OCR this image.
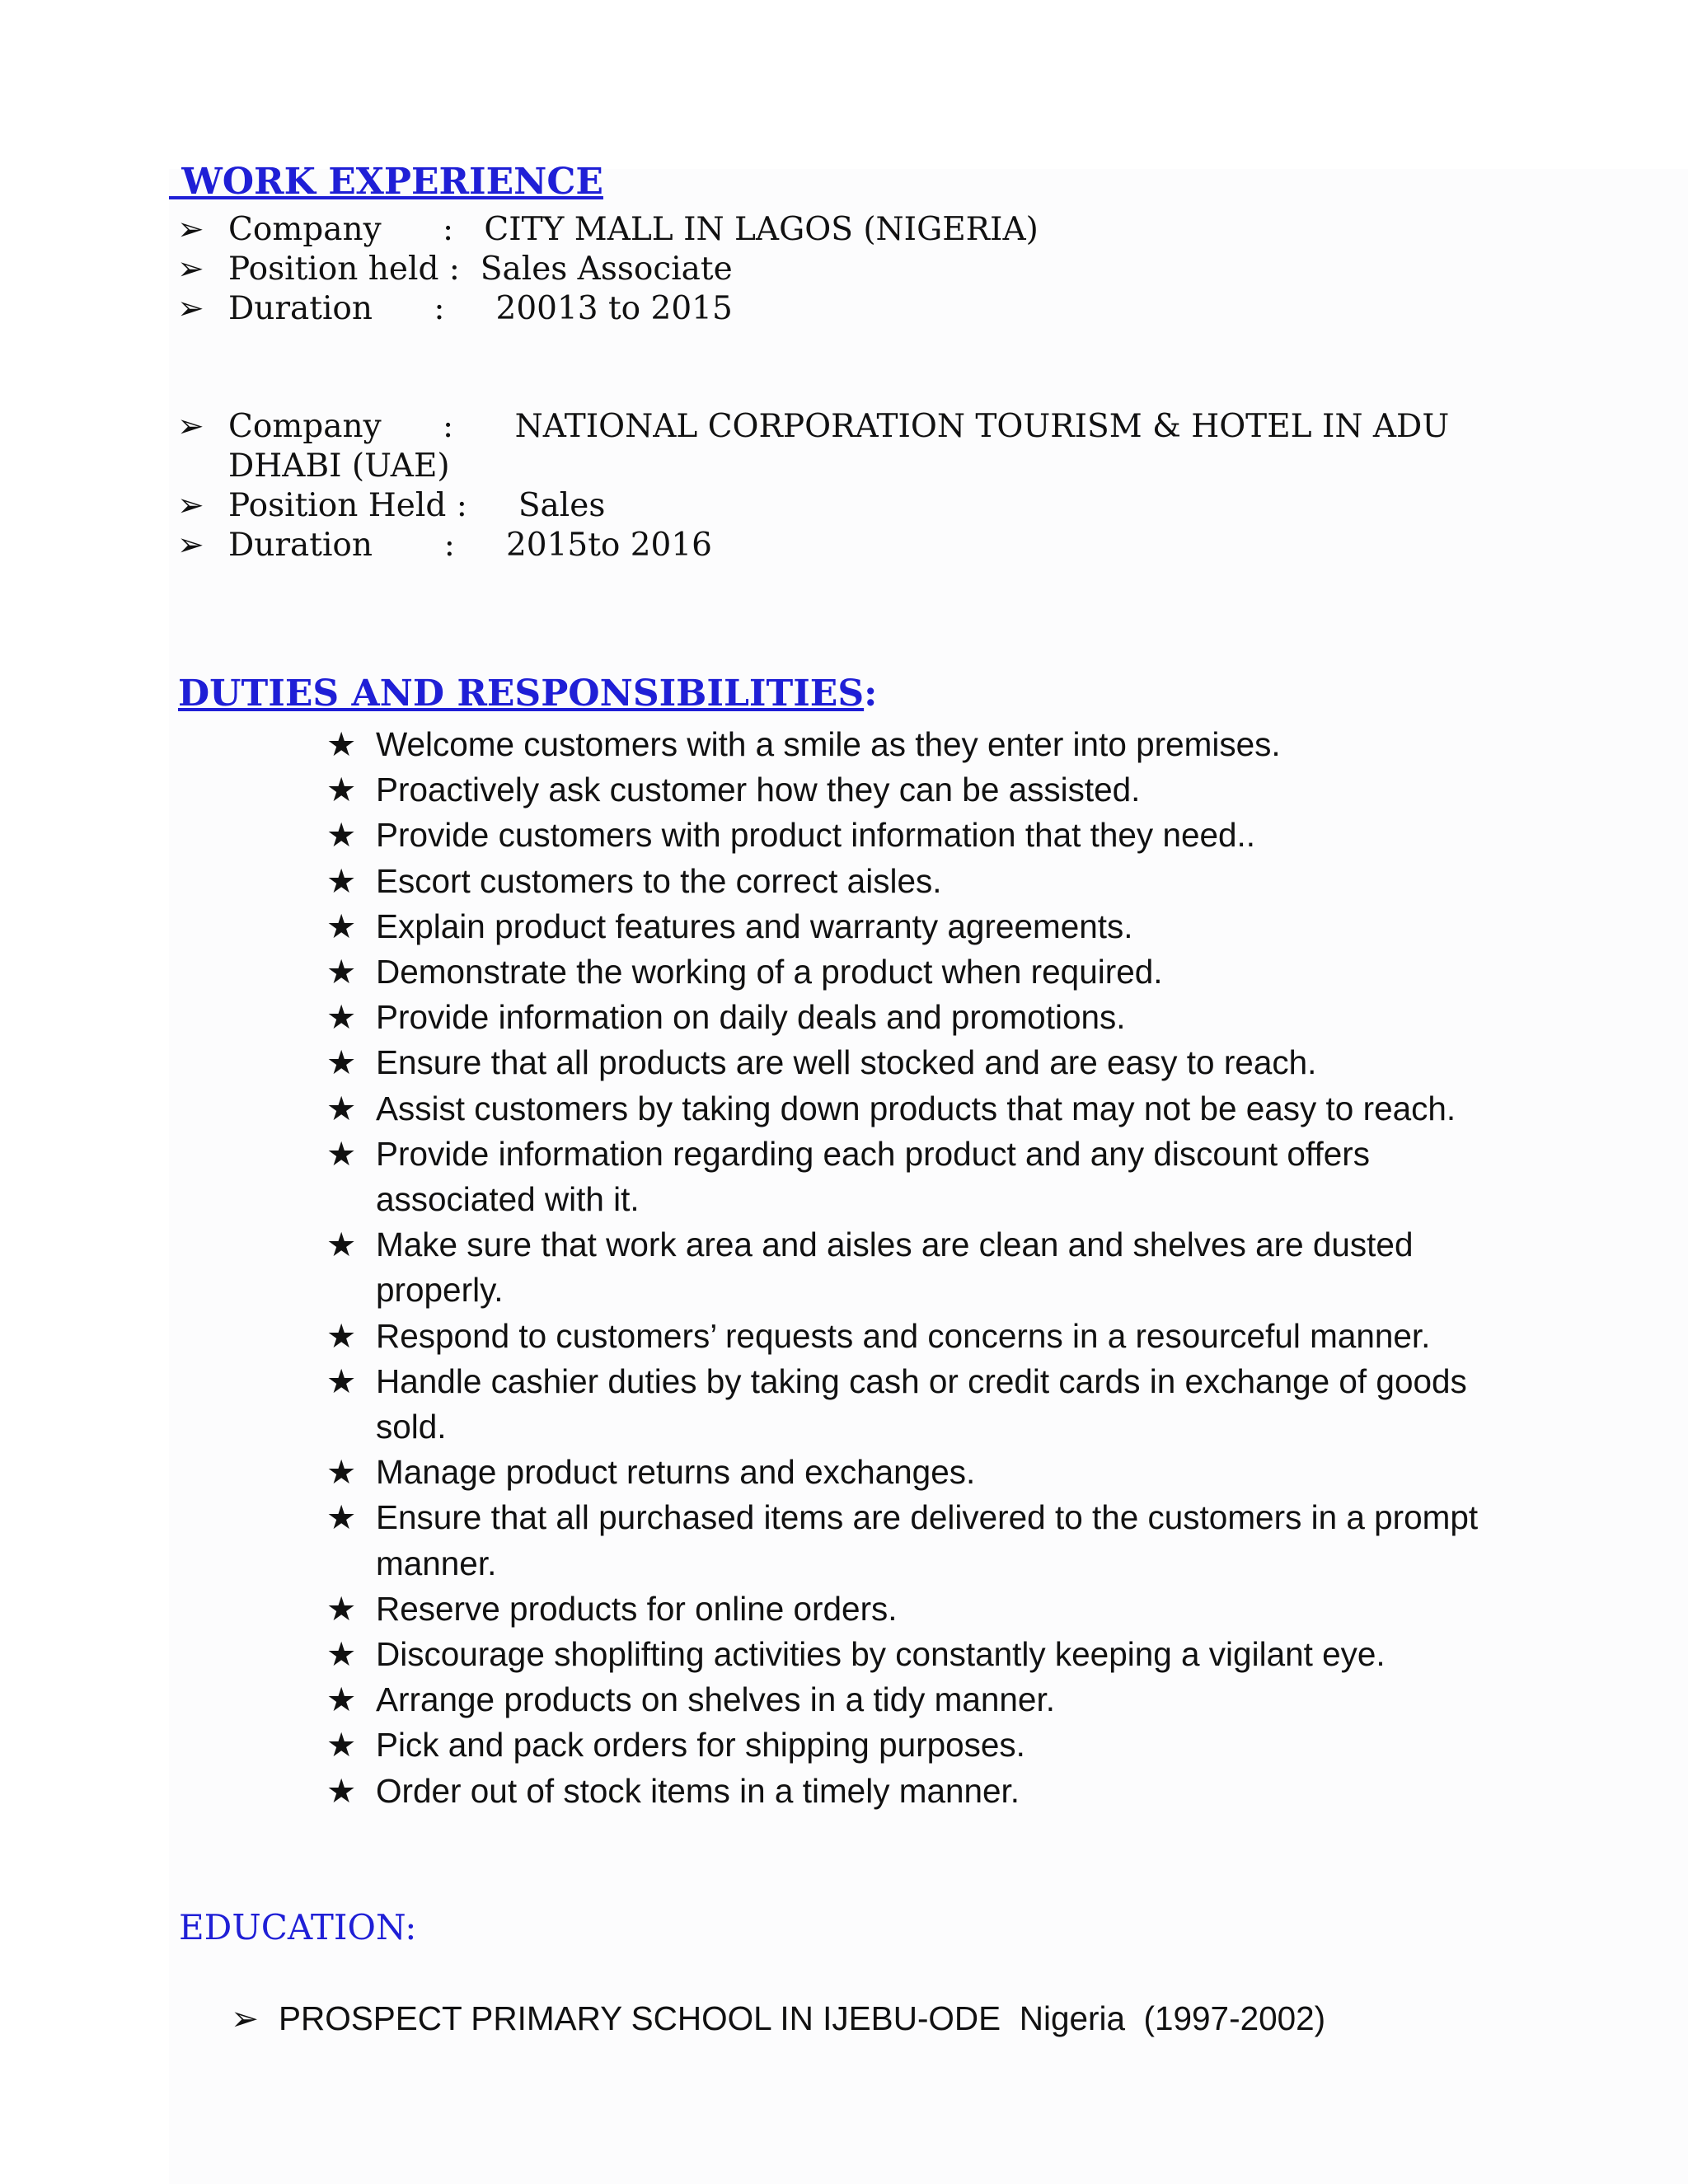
WORK EXPERIENCE
➢ Company      :   CITY MALL IN LAGOS (NIGERIA)
➢ Position held :  Sales Associate
➢ Duration      :     20013 to 2015
➢ Company      :      NATIONAL CORPORATION TOURISM & HOTEL IN ADU DHABI (UAE)
➢ Position Held :     Sales
➢ Duration       :     2015to 2016
DUTIES AND RESPONSIBILITIES:
★ Welcome customers with a smile as they enter into premises.
★ Proactively ask customer how they can be assisted.
★ Provide customers with product information that they need..
★ Escort customers to the correct aisles.
★ Explain product features and warranty agreements.
★ Demonstrate the working of a product when required.
★ Provide information on daily deals and promotions.
★ Ensure that all products are well stocked and are easy to reach.
★ Assist customers by taking down products that may not be easy to reach.
★ Provide information regarding each product and any discount offers associated with it.
★ Make sure that work area and aisles are clean and shelves are dusted properly.
★ Respond to customers’ requests and concerns in a resourceful manner.
★ Handle cashier duties by taking cash or credit cards in exchange of goods sold.
★ Manage product returns and exchanges.
★ Ensure that all purchased items are delivered to the customers in a prompt manner.
★ Reserve products for online orders.
★ Discourage shoplifting activities by constantly keeping a vigilant eye.
★ Arrange products on shelves in a tidy manner.
★ Pick and pack orders for shipping purposes.
★ Order out of stock items in a timely manner.
EDUCATION:

➢ PROSPECT PRIMARY SCHOOL IN IJEBU-ODE  Nigeria  (1997-2002)
